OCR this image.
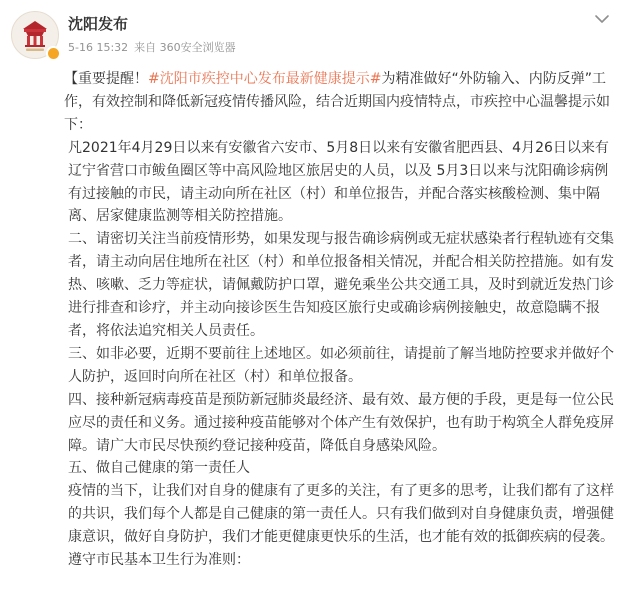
沈阳发布
5-16 15:32 来自 360安全浏览器

【重要提醒！#沈阳市疾控中心发布最新健康提示#为精准做好“外防输入、内防反弹”工作，有效控制和降低新冠疫情传播风险，结合近期国内疫情特点，市疾控中心温馨提示如下：

凡2021年4月29日以来有安徽省六安市、5月8日以来有安徽省肥西县、4月26日以来有辽宁省营口市鲅鱼圈区等中高风险地区旅居史的人员，以及 5月3日以来与沈阳确诊病例有过接触的市民，请主动向所在社区（村）和单位报告，并配合落实核酸检测、集中隔离、居家健康监测等相关防控措施。

二、请密切关注当前疫情形势，如果发现与报告确诊病例或无症状感染者行程轨迹有交集者，请主动向居住地所在社区（村）和单位报备相关情况，并配合相关防控措施。如有发热、咳嗽、乏力等症状，请佩戴防护口罩，避免乘坐公共交通工具，及时到就近发热门诊进行排查和诊疗，并主动向接诊医生告知疫区旅行史或确诊病例接触史，故意隐瞒不报者，将依法追究相关人员责任。

三、如非必要，近期不要前往上述地区。如必须前往，请提前了解当地防控要求并做好个人防护，返回时向所在社区（村）和单位报备。

四、接种新冠病毒疫苗是预防新冠肺炎最经济、最有效、最方便的手段，更是每一位公民应尽的责任和义务。通过接种疫苗能够对个体产生有效保护，也有助于构筑全人群免疫屏障。请广大市民尽快预约登记接种疫苗，降低自身感染风险。

五、做自己健康的第一责任人

疫情的当下，让我们对自身的健康有了更多的关注，有了更多的思考，让我们都有了这样的共识，我们每个人都是自己健康的第一责任人。只有我们做到对自身健康负责，增强健康意识，做好自身防护，我们才能更健康更快乐的生活，也才能有效的抵御疾病的侵袭。遵守市民基本卫生行为准则：
